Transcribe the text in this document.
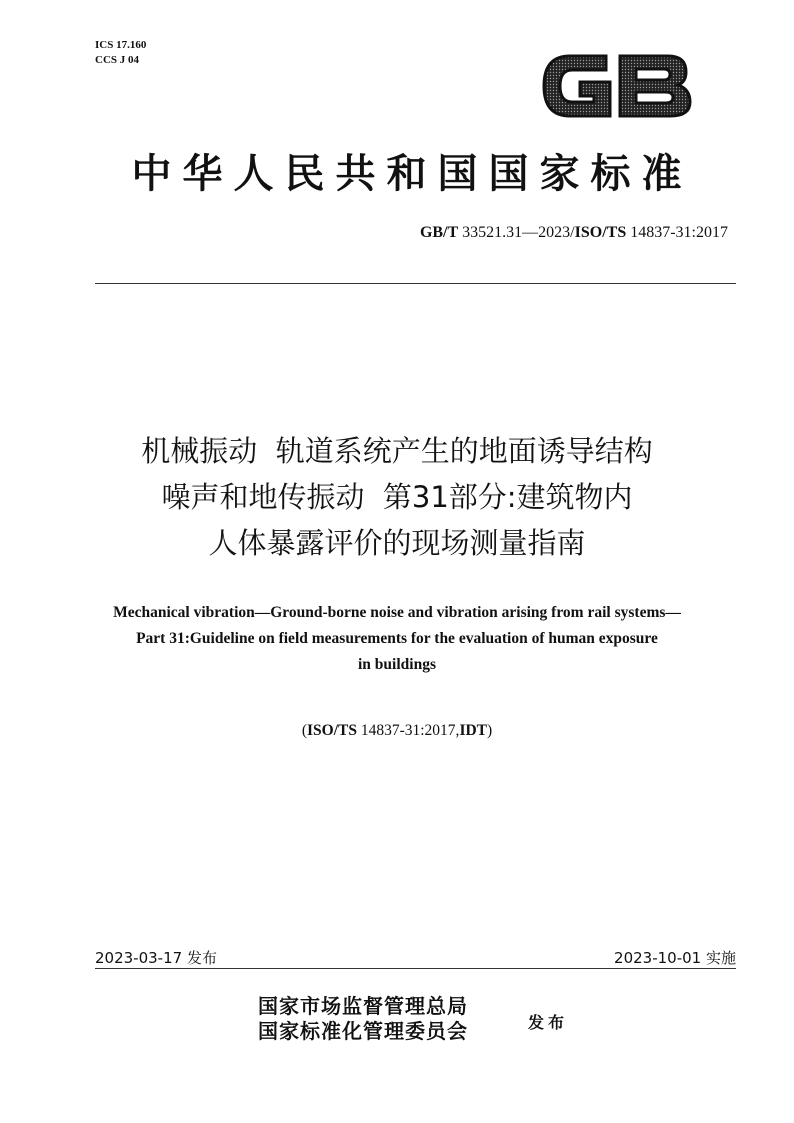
ICS 17.160
CCS J 04
中华人民共和国国家标准
GB/T 33521.31—2023/ISO/TS 14837-31:2017
机械振动  轨道系统产生的地面诱导结构
噪声和地传振动  第31部分:建筑物内
人体暴露评价的现场测量指南
Mechanical vibration—Ground-borne noise and vibration arising from rail systems—
Part 31:Guideline on field measurements for the evaluation of human exposure
in buildings
(ISO/TS 14837-31:2017,IDT)
2023-03-17 发布	2023-10-01 实施
国家市场监督管理总局
国家标准化管理委员会	发布
